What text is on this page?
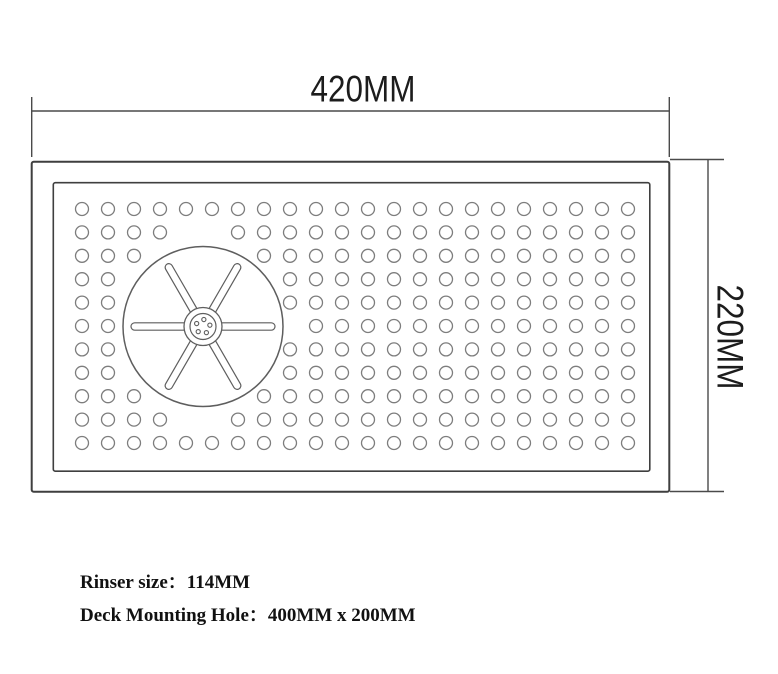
420MM
220MM
Rinser size：114MM
Deck Mounting Hole：400MM x 200MM
